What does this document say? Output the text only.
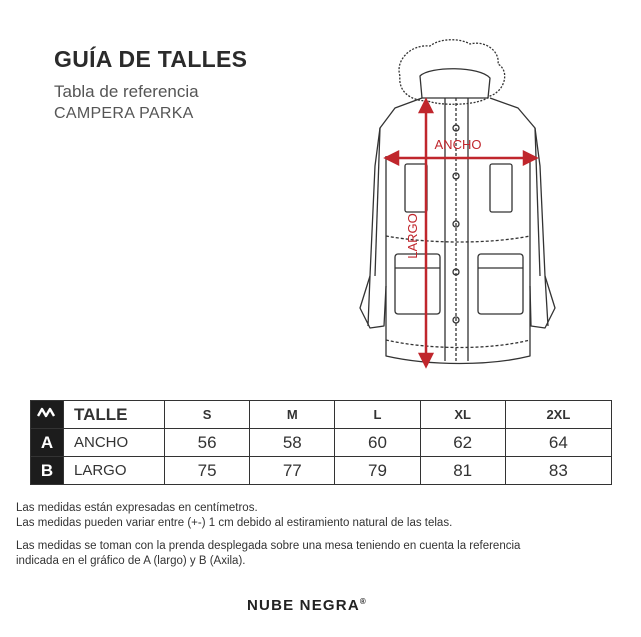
GUÍA DE TALLES
Tabla de referencia
CAMPERA PARKA
ANCHO
LARGO
	TALLE	S	M	L	XL	2XL
A	ANCHO	56	58	60	62	64
B	LARGO	75	77	79	81	83
Las medidas están expresadas en centímetros.
Las medidas pueden variar entre (+-) 1 cm debido al estiramiento natural de las telas.
Las medidas se toman con la prenda desplegada sobre una mesa teniendo en cuenta la referencia
indicada en el gráfico de A (largo) y B (Axila).
NUBE NEGRA®
